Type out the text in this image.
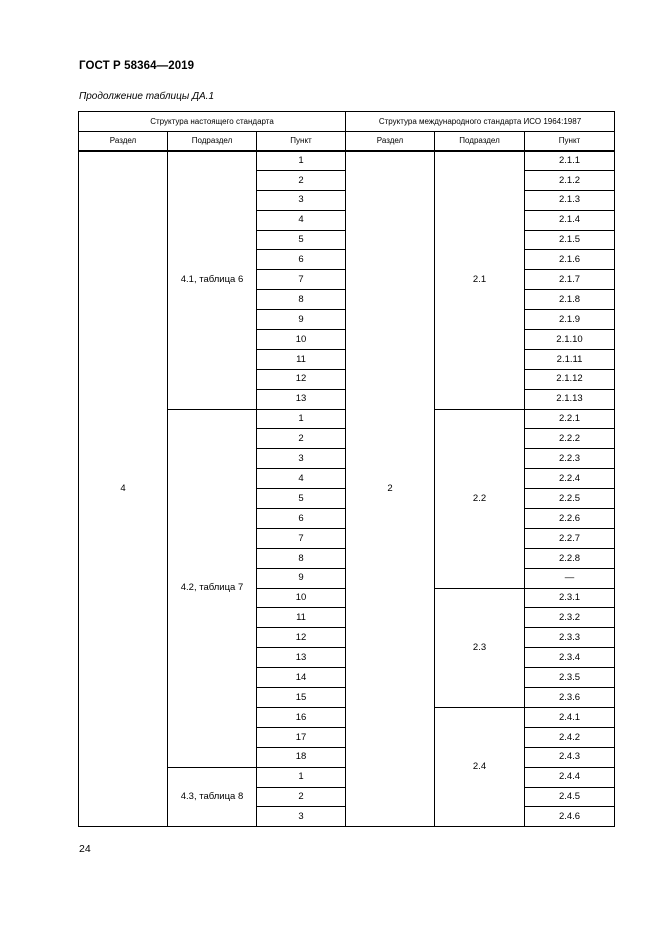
ГОСТ Р 58364—2019
Продолжение таблицы ДА.1
Структура настоящего стандарта			Структура международного стандарта ИСО 1964:1987		
Раздел	Подраздел	Пункт	Раздел	Подраздел	Пункт
4	4.1, таблица 6	1	2	2.1	2.1.1
		2			2.1.2
		3			2.1.3
		4			2.1.4
		5			2.1.5
		6			2.1.6
		7			2.1.7
		8			2.1.8
		9			2.1.9
		10			2.1.10
		11			2.1.11
		12			2.1.12
		13			2.1.13
	4.2, таблица 7	1		2.2	2.2.1
		2			2.2.2
		3			2.2.3
		4			2.2.4
		5			2.2.5
		6			2.2.6
		7			2.2.7
		8			2.2.8
		9			—
		10		2.3	2.3.1
		11			2.3.2
		12			2.3.3
		13			2.3.4
		14			2.3.5
		15			2.3.6
		16		2.4	2.4.1
		17			2.4.2
		18			2.4.3
	4.3, таблица 8	1			2.4.4
		2			2.4.5
		3			2.4.6
24
